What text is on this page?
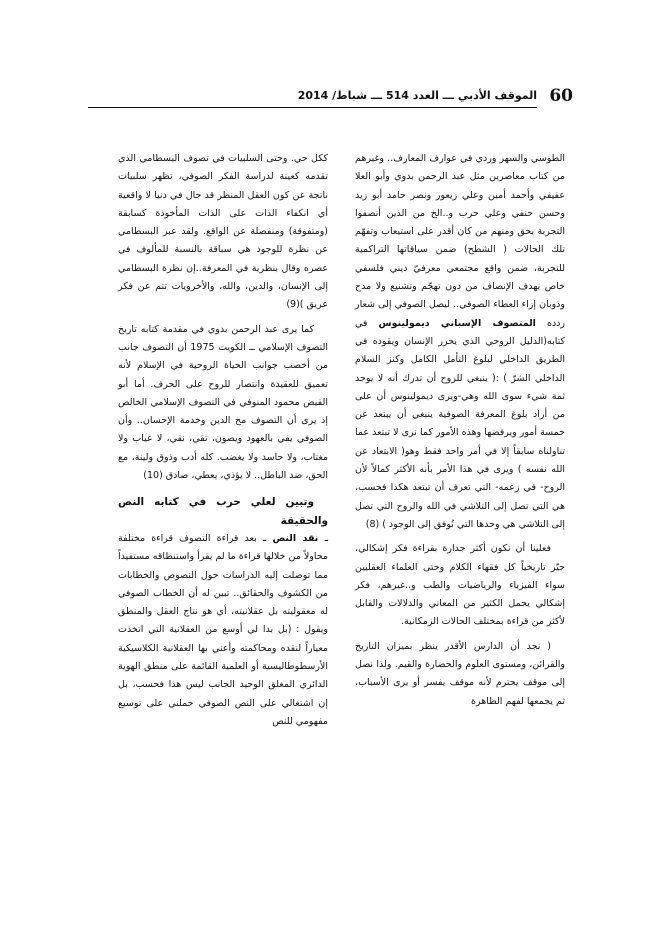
60
الموقف الأدبي ـــ العدد 514 ـــ شباط/ 2014

الطوسي والسهر وردي في عوارف المعارف.. وغيرهم من كتاب معاصرين مثل عبد الرحمن بدوي وأبو العلا عفيفي وأحمد أمين وعلي زيعور ونصر حامد أبو زيد وحسن حنفي وعلي حرب و..الخ من الذين أنصفوا التجربة بحق ومنهم من كان أقدر على استيعاب وتفهّم تلك الحالات ( الشطح) ضمن سياقاتها التراكمية للتجربة، ضمن واقع مجتمعي معرفيّ ديني فلسفي خاص بهدف الإنصاف من دون تهجّم وتشنيع ولا مدح وذوبان إزاء العطاء الصوفي.. ليصل الصوفي إلى شعار ردده المتصوف الإسباني ديمولينوس في كتابه(الدليل الروحي الذي يحرر الإنسان ويقوده في الطريق الداخلي لبلوغ التأمل الكامل وكنز السلام الداخلي الشرّ ) :( ينبغي للروح أن تدرك أنه لا يوجد ثمة شيء سوى الله وهي-ويرى ديمولينوس أن على من أراد بلوغ المعرفة الصوفية ينبغي أن يبتعد عن خمسة أمور ويرفضها وهذه الأمور كما نرى لا تبتعد عما تناولناه سابقاً إلا في أمر واحد فقط وهو( الابتعاد عن الله نفسه ) ويرى في هذا الأمر بأنه الأكثر كمالاً لأن الروح- في زعمه- التي تعرف أن تبتعد هكذا فحسب، هي التي تصل إلى التلاشي في الله والروح التي تصل إلى التلاشي هي وحدها التي تُوفق إلى الوجود ) (8)

فعلينا أن نكون أكثر جدارة بقراءة فكر إشكالي، حيّر تاريخياً كل فقهاء الكلام وحتى العلماء العقليين سواء الفيزياء والرياضيات والطب و..غيرهم، فكر إشكالي يحمل الكثير من المعاني والدلالات والقابل لأكثر من قراءة بمختلف الحالات الزمكانية.

( نجد أن الدارس الأقدر ينظر بميزان التاريخ والقرائن، ومستوى العلوم والحضارة والقيم. ولذا نصل إلى موقف يحترم لأنه موقف يفسر أو يرى الأسباب، ثم يجمعها لفهم الظاهرة

ككل حي. وحتى السلبيات في تصوف البسطامي الذي تقدمه كعينة لدراسة الفكر الصوفي، تظهر سلبيات ناتجة عن كون العقل المنظر قد جال في دنيا لا واقعية أي انكفاء الذات على الذات المأخوذة كسابقة (ومتفوقة) ومنفصلة عن الواقع. ولقد عبر البسطامي عن نظرة للوجود هي سباقة بالنسبة للمألوف في عصره وقال بنظرية في المعرفة..إن نظرة البسطامي إلى الإنسان، والدين، والله، والأخرويات تتم عن فكر عريق )(9)

كما يرى عبد الرحمن بدوي في مقدمة كتابه تاريخ التصوف الإسلامي ــ الكويت 1975 أن التصوف جانب من أخصب جوانب الحياة الروحية في الإسلام لأنه تعميق للعقيدة وانتصار للروح على الحرف. أما أبو الفيض محمود المنوفي في التصوف الإسلامي الخالص إذ يرى أن التصوف مخ الدين وخدمة الإحسان.. وأن الصوفي يفي بالعهود ويصون، تقي، نقي، لا عياب ولا مغتاب، ولا حاسد ولا يغضب. كله أدب وذوق ولينة، مع الحق، ضد الباطل.. لا يؤذي، يعطي، صادق (10)

وتبين لعلي حرب في كتابه النص والحقيقة

ـ نقد النص ـ بعد قراءة التصوف قراءة مختلفة محاولاً من خلالها قراءة ما لم يقرأ واستنطاقه مستفيداً مما توصلت إليه الدراسات حول النصوص والخطابات من الكشوف والحقائق.. تبين له أن الخطاب الصوفي له معقوليته بل عقلانيته، أي هو نتاج العقل والمنطق ويقول : (بل بدا لي أوسع من العقلانية التي اتخذت معياراً لنقده ومحاكمته وأعني بها العقلانية الكلاسيكية الأرسطوطاليسية أو العلمية القائمة على منطق الهوية الدائري المغلق الوحيد الجانب ليس هذا فحسب، بل إن اشتغالي على النص الصوفي حملني على توسيع مفهومي للنص
